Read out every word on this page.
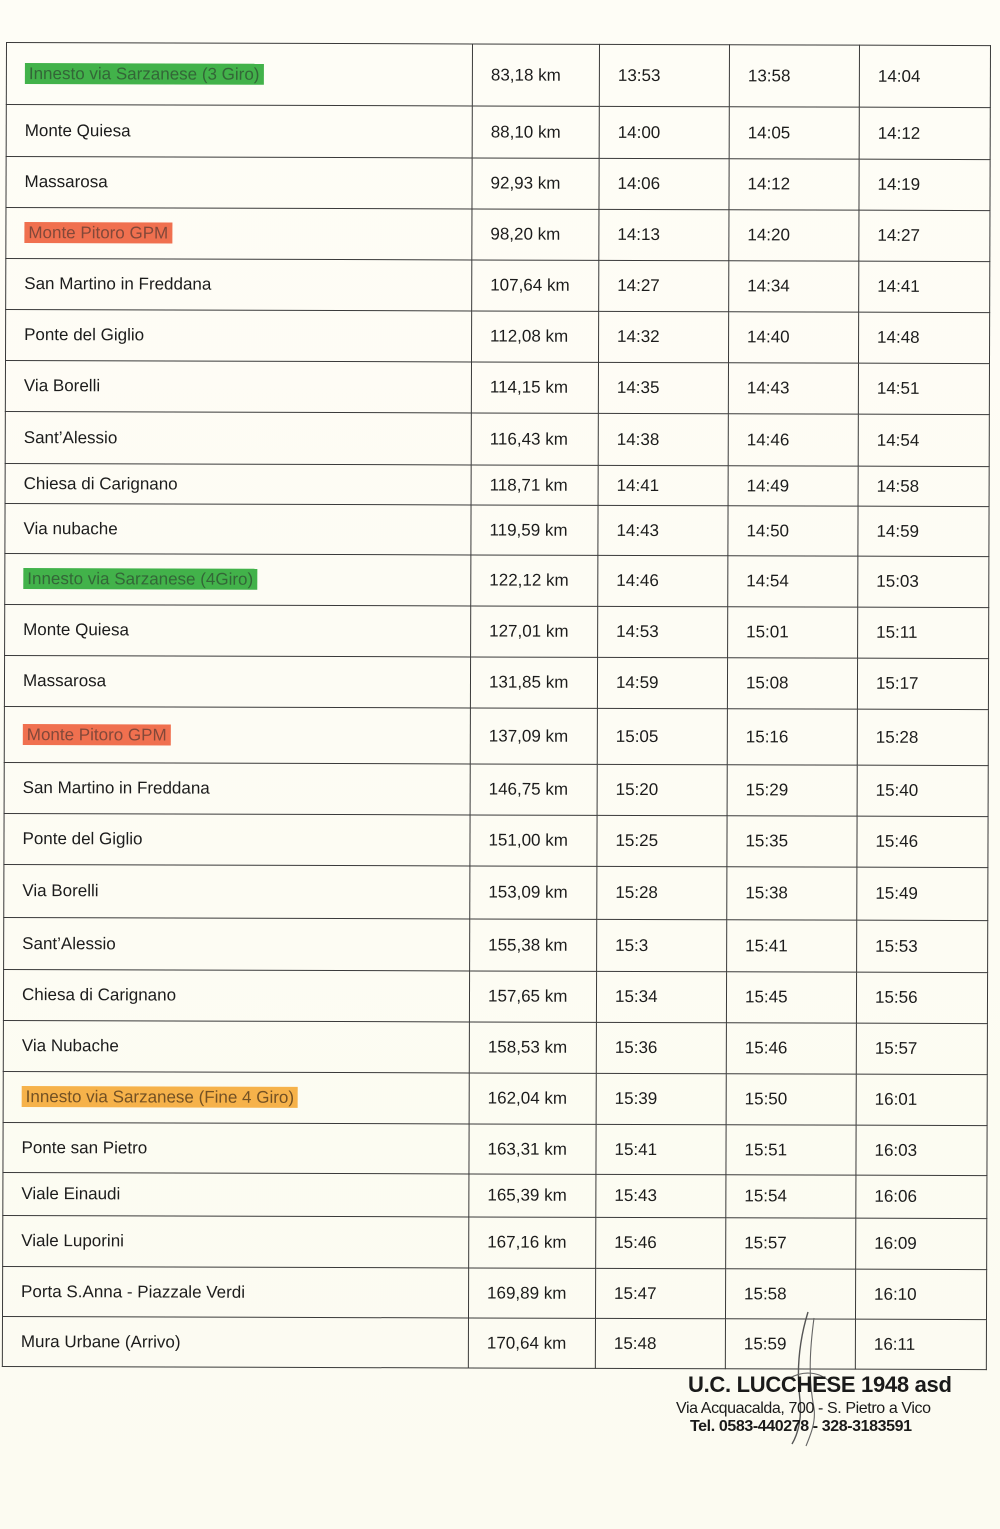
Innesto via Sarzanese (3 Giro)	83,18 km	13:53	13:58	14:04
Monte Quiesa	88,10 km	14:00	14:05	14:12
Massarosa	92,93 km	14:06	14:12	14:19
Monte Pitoro GPM	98,20 km	14:13	14:20	14:27
San Martino in Freddana	107,64 km	14:27	14:34	14:41
Ponte del Giglio	112,08 km	14:32	14:40	14:48
Via Borelli	114,15 km	14:35	14:43	14:51
Sant’Alessio	116,43 km	14:38	14:46	14:54
Chiesa di Carignano	118,71 km	14:41	14:49	14:58
Via nubache	119,59 km	14:43	14:50	14:59
Innesto via Sarzanese (4Giro)	122,12 km	14:46	14:54	15:03
Monte Quiesa	127,01 km	14:53	15:01	15:11
Massarosa	131,85 km	14:59	15:08	15:17
Monte Pitoro GPM	137,09 km	15:05	15:16	15:28
San Martino in Freddana	146,75 km	15:20	15:29	15:40
Ponte del Giglio	151,00 km	15:25	15:35	15:46
Via Borelli	153,09 km	15:28	15:38	15:49
Sant’Alessio	155,38 km	15:3	15:41	15:53
Chiesa di Carignano	157,65 km	15:34	15:45	15:56
Via Nubache	158,53 km	15:36	15:46	15:57
Innesto via Sarzanese (Fine 4 Giro)	162,04 km	15:39	15:50	16:01
Ponte san Pietro	163,31 km	15:41	15:51	16:03
Viale Einaudi	165,39 km	15:43	15:54	16:06
Viale Luporini	167,16 km	15:46	15:57	16:09
Porta S.Anna - Piazzale Verdi	169,89 km	15:47	15:58	16:10
Mura Urbane (Arrivo)	170,64 km	15:48	15:59	16:11
U.C. LUCCHESE 1948 asd
Via Acquacalda, 700 - S. Pietro a Vico
Tel. 0583-440278 - 328-3183591
